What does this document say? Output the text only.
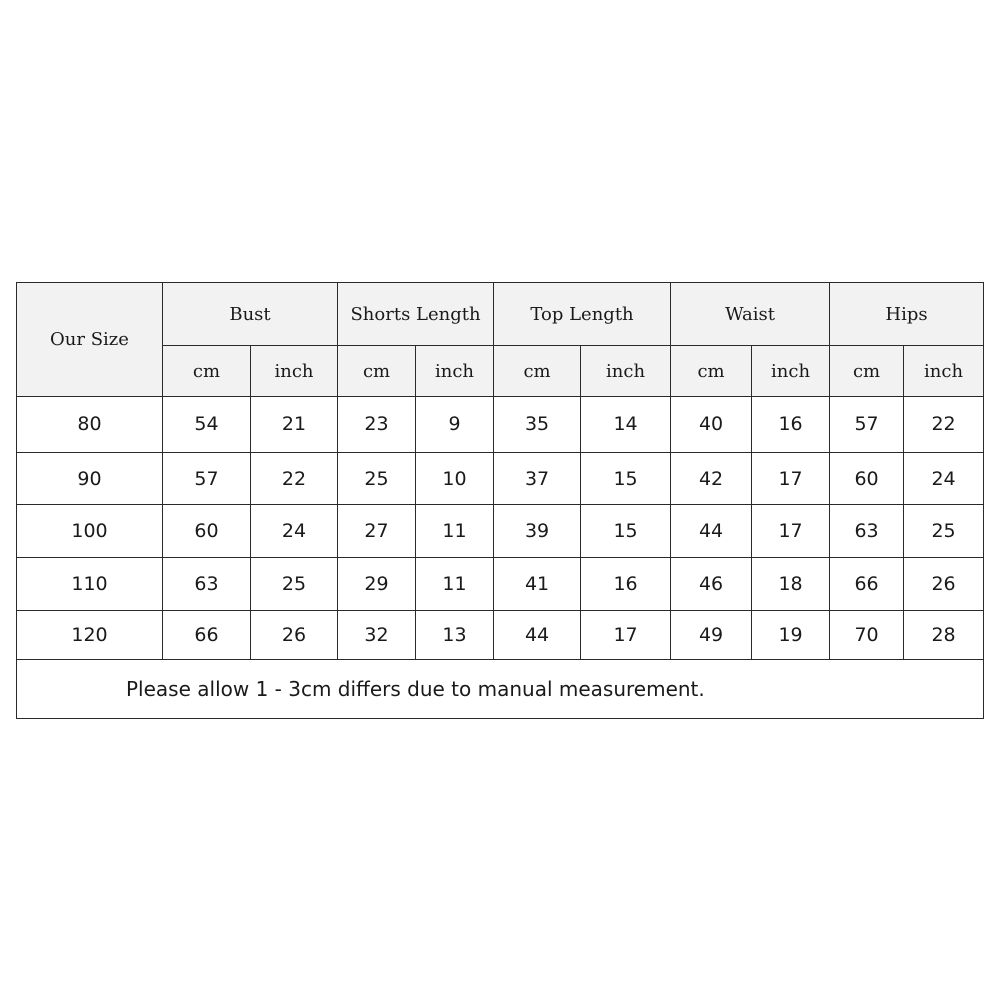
Our Size	Bust		Shorts Length		Top Length		Waist		Hips	
	cm	inch	cm	inch	cm	inch	cm	inch	cm	inch
80	54	21	23	9	35	14	40	16	57	22
90	57	22	25	10	37	15	42	17	60	24
100	60	24	27	11	39	15	44	17	63	25
110	63	25	29	11	41	16	46	18	66	26
120	66	26	32	13	44	17	49	19	70	28
Please allow 1 - 3cm differs due to manual measurement.										
